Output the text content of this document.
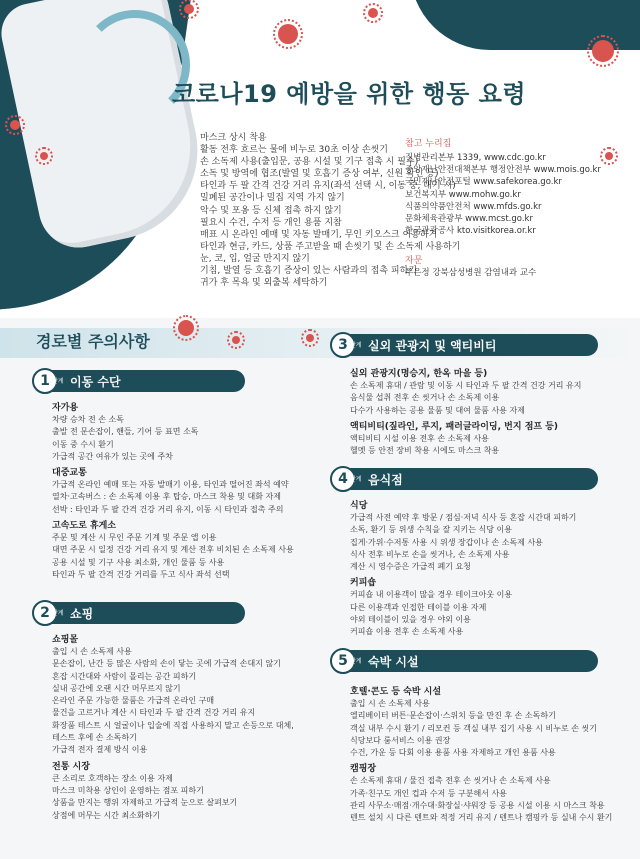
코로나19 예방을 위한 행동 요령
마스크 상시 착용
활동 전후 흐르는 물에 비누로 30초 이상 손씻기
손 소독제 사용(출입문, 공용 시설 및 기구 접촉 시 필수)
소독 및 방역에 협조(발열 및 호흡기 증상 여부, 신원 확인 등)
타인과 두 팔 간격 건강 거리 유지(좌석 선택 시, 이동 중, 대기 시)
밀폐된 공간이나 밀집 지역 가지 않기
악수 및 포옹 등 신체 접촉 하지 않기
필요시 수건, 수저 등 개인 용품 지참
매표 시 온라인 예매 및 자동 발매기, 무인 키오스크 이용하기
타인과 현금, 카드, 상품 주고받을 때 손씻기 및 손 소독제 사용하기
눈, 코, 입, 얼굴 만지지 않기
기침, 발열 등 호흡기 증상이 있는 사람과의 접촉 피하기
귀가 후 목욕 및 외출복 세탁하기
참고 누리집
질병관리본부 1339, www.cdc.go.kr
중앙재난안전대책본부 행정안전부 www.mois.go.kr
국민재난안전포털 www.safekorea.go.kr
보건복지부 www.mohw.go.kr
식품의약품안전처 www.mfds.go.kr
문화체육관광부 www.mcst.go.kr
한국관광공사 kto.visitkorea.or.kr
자문
주은정 강북삼성병원 감염내과 교수
경로별 주의사항
1 단계 이동 수단
자가용
차량 승차 전 손 소독
출발 전 문손잡이, 핸들, 기어 등 표면 소독
이동 중 수시 환기
가급적 공간 여유가 있는 곳에 주차
대중교통
가급적 온라인 예매 또는 자동 발매기 이용, 타인과 떨어진 좌석 예약
열차·고속버스 : 손 소독제 이용 후 탑승, 마스크 착용 및 대화 자제
선박 : 타인과 두 팔 간격 건강 거리 유지, 이동 시 타인과 접촉 주의
고속도로 휴게소
주문 및 계산 시 무인 주문 기계 및 주문 앱 이용
대면 주문 시 일정 건강 거리 유지 및 계산 전후 비치된 손 소독제 사용
공용 시설 및 기구 사용 최소화, 개인 물품 등 사용
타인과 두 팔 간격 건강 거리를 두고 식사 좌석 선택
2 단계 쇼핑
쇼핑몰
출입 시 손 소독제 사용
문손잡이, 난간 등 많은 사람의 손이 닿는 곳에 가급적 손대지 않기
혼잡 시간대와 사람이 몰리는 공간 피하기
실내 공간에 오랜 시간 머무르지 않기
온라인 주문 가능한 물품은 가급적 온라인 구매
물건을 고르거나 계산 시 타인과 두 팔 간격 건강 거리 유지
화장품 테스트 시 얼굴이나 입술에 직접 사용하지 말고 손등으로 대체,
테스트 후에 손 소독하기
가급적 전자 결제 방식 이용
전통 시장
큰 소리로 호객하는 장소 이용 자제
마스크 미착용 상인이 운영하는 점포 피하기
상품을 만지는 행위 자제하고 가급적 눈으로 살펴보기
상점에 머무는 시간 최소화하기
3 단계 실외 관광지 및 액티비티
실외 관광지(명승지, 한옥 마을 등)
손 소독제 휴대 / 관람 및 이동 시 타인과 두 팔 간격 건강 거리 유지
음식물 섭취 전후 손 씻거나 손 소독제 이용
다수가 사용하는 공용 물품 및 대여 물품 사용 자제
액티비티(짚라인, 루지, 패러글라이딩, 번지 점프 등)
액티비티 시설 이용 전후 손 소독제 사용
헬멧 등 안전 장비 착용 시에도 마스크 착용
4 단계 음식점
식당
가급적 사전 예약 후 방문 / 점심·저녁 식사 등 혼잡 시간대 피하기
소독, 환기 등 위생 수칙을 잘 지키는 식당 이용
집게·가위·수저통 사용 시 위생 장갑이나 손 소독제 사용
식사 전후 비누로 손을 씻거나, 손 소독제 사용
계산 시 영수증은 가급적 폐기 요청
커피숍
커피숍 내 이용객이 많을 경우 테이크아웃 이용
다른 이용객과 인접한 테이블 이용 자제
야외 테이블이 있을 경우 야외 이용
커피숍 이용 전후 손 소독제 사용
5 단계 숙박 시설
호텔·콘도 등 숙박 시설
출입 시 손 소독제 사용
엘리베이터 버튼·문손잡이·스위치 등을 만진 후 손 소독하기
객실 내부 수시 환기 / 리모컨 등 객실 내부 집기 사용 시 비누로 손 씻기
식당보다 룸서비스 이용 권장
수건, 가운 등 다회 이용 용품 사용 자제하고 개인 용품 사용
캠핑장
손 소독제 휴대 / 물건 접촉 전후 손 씻거나 손 소독제 사용
가족·친구도 개인 컵과 수저 등 구분해서 사용
관리 사무소·매점·개수대·화장실·샤워장 등 공용 시설 이용 시 마스크 착용
텐트 설치 시 다른 텐트와 적정 거리 유지 / 텐트나 캠핑카 등 실내 수시 환기
